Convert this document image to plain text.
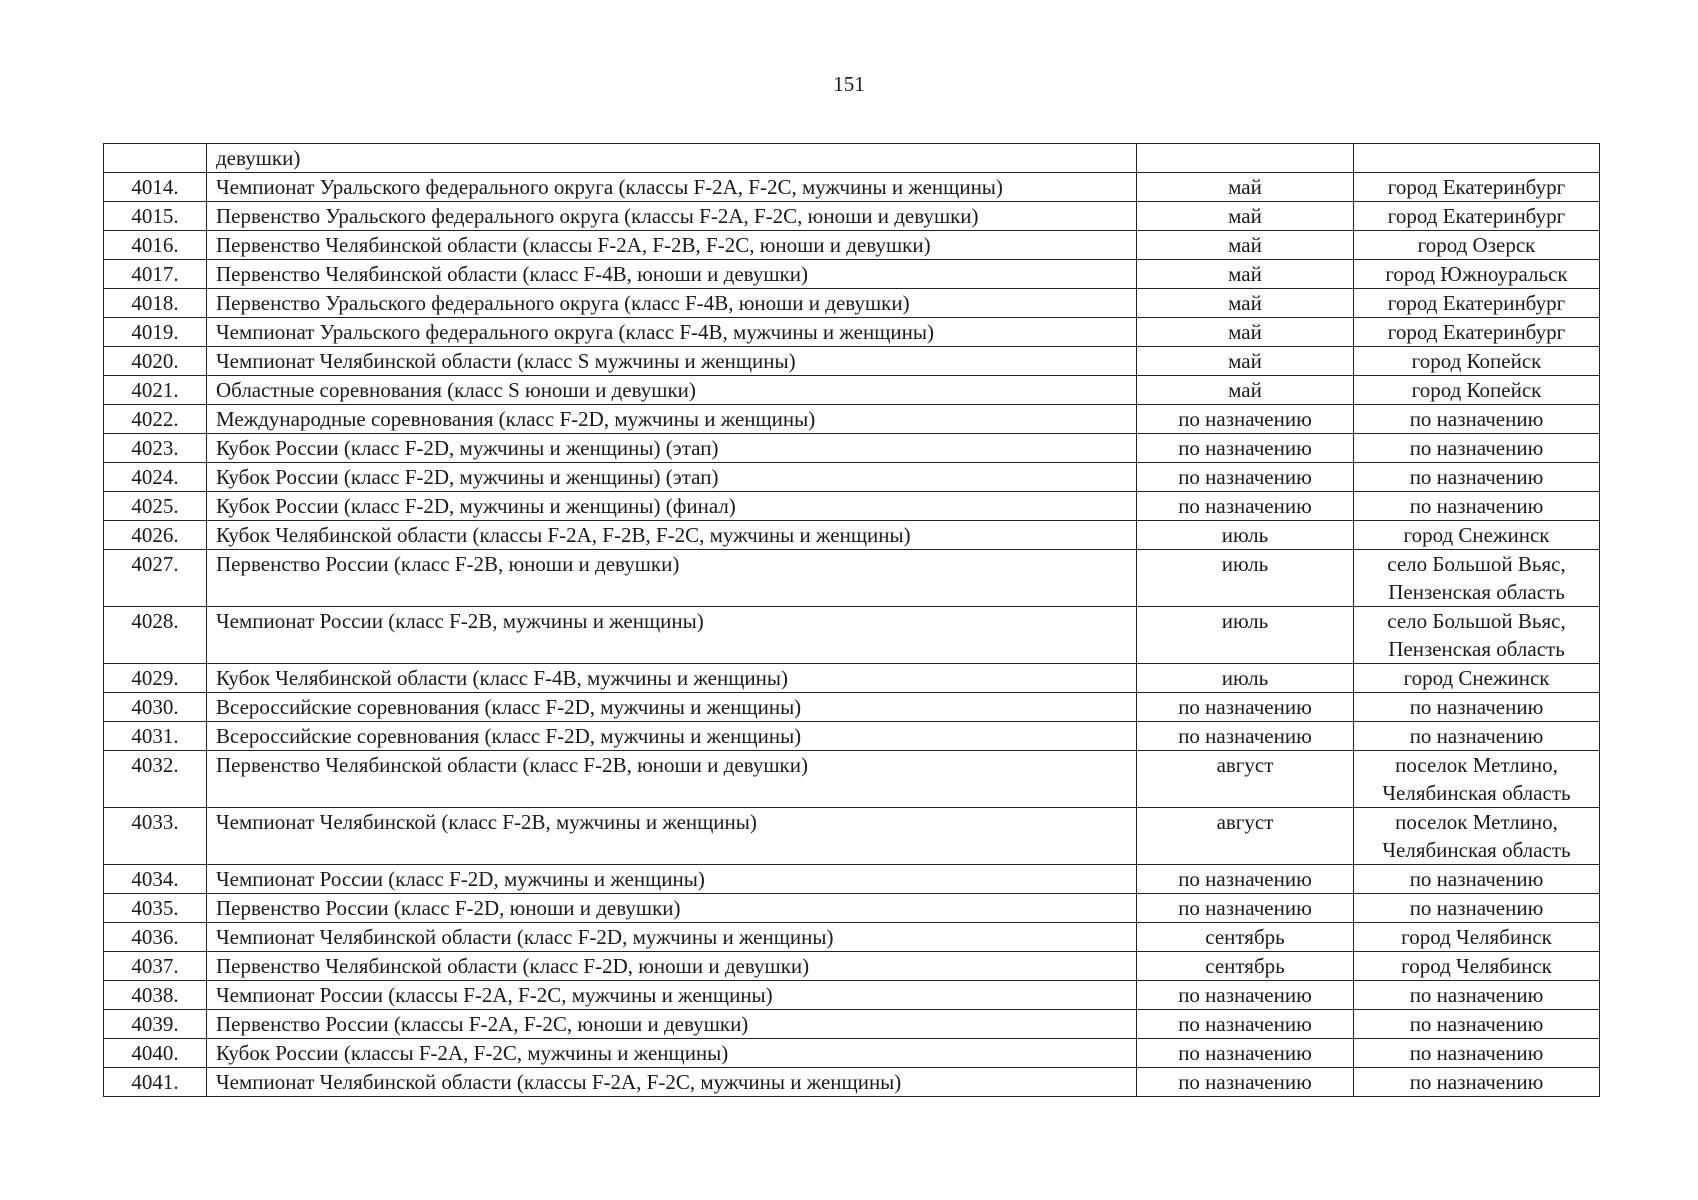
151
	девушки)		
4014.	Чемпионат Уральского федерального округа (классы F-2A, F-2C, мужчины и женщины)	май	город Екатеринбург
4015.	Первенство Уральского федерального округа (классы F-2A, F-2C, юноши и девушки)	май	город Екатеринбург
4016.	Первенство Челябинской области (классы F-2A, F-2B, F-2C, юноши и девушки)	май	город Озерск
4017.	Первенство Челябинской области (класс F-4B, юноши и девушки)	май	город Южноуральск
4018.	Первенство Уральского федерального округа (класс F-4B, юноши и девушки)	май	город Екатеринбург
4019.	Чемпионат Уральского федерального округа (класс F-4B, мужчины и женщины)	май	город Екатеринбург
4020.	Чемпионат Челябинской области (класс S мужчины и женщины)	май	город Копейск
4021.	Областные соревнования (класс S юноши и девушки)	май	город Копейск
4022.	Международные соревнования (класс F-2D, мужчины и женщины)	по назначению	по назначению
4023.	Кубок России (класс F-2D, мужчины и женщины) (этап)	по назначению	по назначению
4024.	Кубок России (класс F-2D, мужчины и женщины) (этап)	по назначению	по назначению
4025.	Кубок России (класс F-2D, мужчины и женщины) (финал)	по назначению	по назначению
4026.	Кубок Челябинской области (классы F-2A, F-2B, F-2C, мужчины и женщины)	июль	город Снежинск
4027.	Первенство России (класс F-2B, юноши и девушки)	июль	село Большой Вьяс, Пензенская область
4028.	Чемпионат России (класс F-2B, мужчины и женщины)	июль	село Большой Вьяс, Пензенская область
4029.	Кубок Челябинской области (класс F-4B, мужчины и женщины)	июль	город Снежинск
4030.	Всероссийские соревнования (класс F-2D, мужчины и женщины)	по назначению	по назначению
4031.	Всероссийские соревнования (класс F-2D, мужчины и женщины)	по назначению	по назначению
4032.	Первенство Челябинской области (класс F-2B, юноши и девушки)	август	поселок Метлино, Челябинская область
4033.	Чемпионат Челябинской (класс F-2B, мужчины и женщины)	август	поселок Метлино, Челябинская область
4034.	Чемпионат России (класс F-2D, мужчины и женщины)	по назначению	по назначению
4035.	Первенство России (класс F-2D, юноши и девушки)	по назначению	по назначению
4036.	Чемпионат Челябинской области (класс F-2D, мужчины и женщины)	сентябрь	город Челябинск
4037.	Первенство Челябинской области (класс F-2D, юноши и девушки)	сентябрь	город Челябинск
4038.	Чемпионат России (классы F-2A, F-2C, мужчины и женщины)	по назначению	по назначению
4039.	Первенство России (классы F-2A, F-2C, юноши и девушки)	по назначению	по назначению
4040.	Кубок России (классы F-2A, F-2C, мужчины и женщины)	по назначению	по назначению
4041.	Чемпионат Челябинской области (классы F-2A, F-2C, мужчины и женщины)	по назначению	по назначению
